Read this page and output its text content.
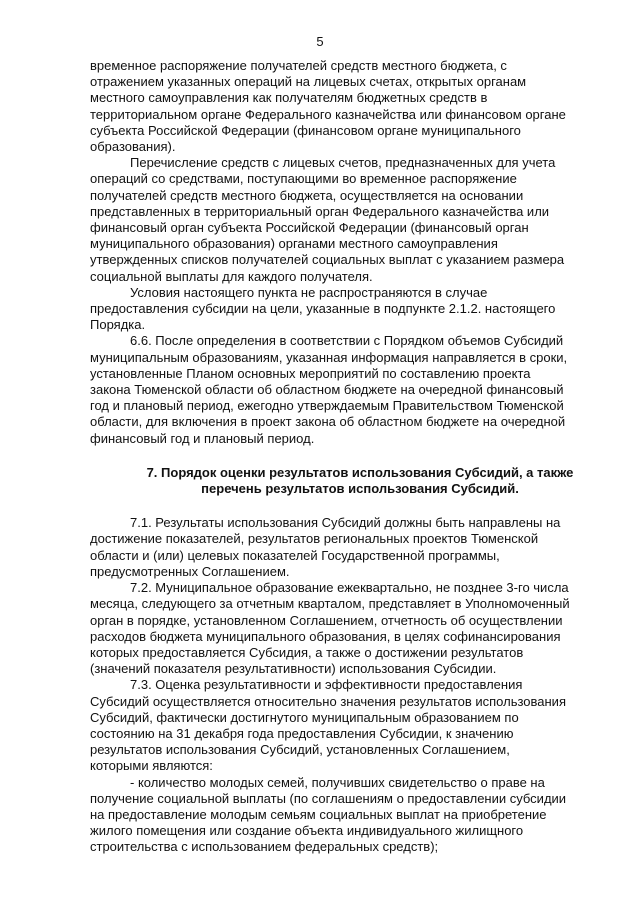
5

временное распоряжение получателей средств местного бюджета, с
отражением указанных операций на лицевых счетах, открытых органам
местного самоуправления как получателям бюджетных средств в
территориальном органе Федерального казначейства или финансовом органе
субъекта Российской Федерации (финансовом органе муниципального
образования).

Перечисление средств с лицевых счетов, предназначенных для учета
операций со средствами, поступающими во временное распоряжение
получателей средств местного бюджета, осуществляется на основании
представленных в территориальный орган Федерального казначейства или
финансовый орган субъекта Российской Федерации (финансовый орган
муниципального образования) органами местного самоуправления
утвержденных списков получателей социальных выплат с указанием размера
социальной выплаты для каждого получателя.

Условия настоящего пункта не распространяются в случае
предоставления субсидии на цели, указанные в подпункте 2.1.2. настоящего
Порядка.

6.6. После определения в соответствии с Порядком объемов Субсидий
муниципальным образованиям, указанная информация направляется в сроки,
установленные Планом основных мероприятий по составлению проекта
закона Тюменской области об областном бюджете на очередной финансовый
год и плановый период, ежегодно утверждаемым Правительством Тюменской
области, для включения в проект закона об областном бюджете на очередной
финансовый год и плановый период.

7. Порядок оценки результатов использования Субсидий, а также
перечень результатов использования Субсидий.

7.1. Результаты использования Субсидий должны быть направлены на
достижение показателей, результатов региональных проектов Тюменской
области и (или) целевых показателей Государственной программы,
предусмотренных Соглашением.

7.2. Муниципальное образование ежеквартально, не позднее 3-го числа
месяца, следующего за отчетным кварталом, представляет в Уполномоченный
орган в порядке, установленном Соглашением, отчетность об осуществлении
расходов бюджета муниципального образования, в целях софинансирования
которых предоставляется Субсидия, а также о достижении результатов
(значений показателя результативности) использования Субсидии.

7.3. Оценка результативности и эффективности предоставления
Субсидий осуществляется относительно значения результатов использования
Субсидий, фактически достигнутого муниципальным образованием по
состоянию на 31 декабря года предоставления Субсидии, к значению
результатов использования Субсидий, установленных Соглашением,
которыми являются:

- количество молодых семей, получивших свидетельство о праве на
получение социальной выплаты (по соглашениям о предоставлении субсидии
на предоставление молодым семьям социальных выплат на приобретение
жилого помещения или создание объекта индивидуального жилищного
строительства с использованием федеральных средств);
